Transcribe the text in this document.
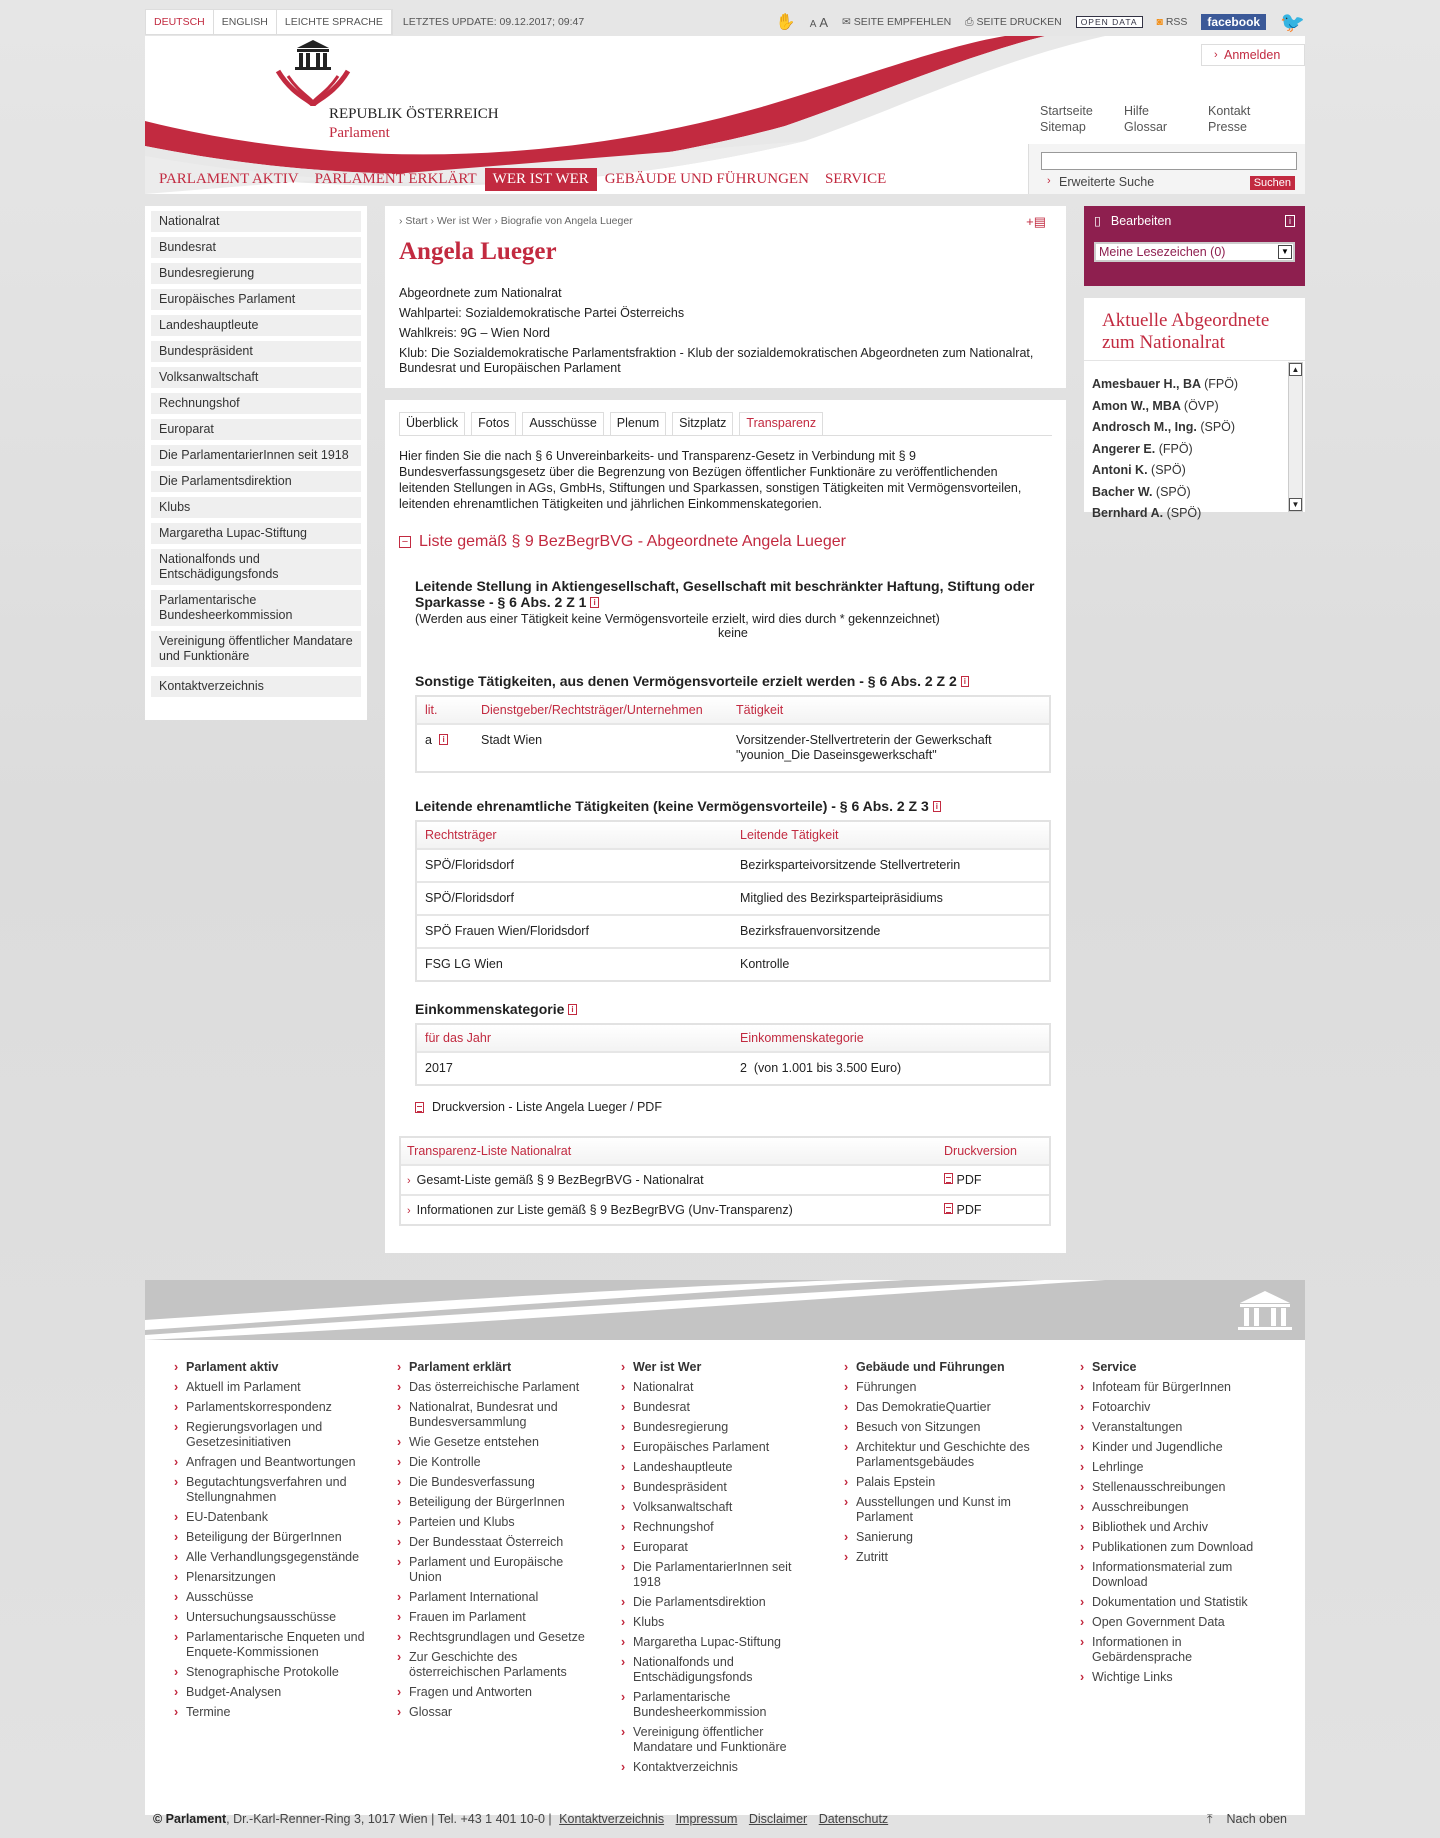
DEUTSCH	ENGLISH	LEICHTE SPRACHE	LETZTES UPDATE: 09.12.2017; 09:47	✋ A A ✉ SEITE EMPFEHLEN ⎙ SEITE DRUCKEN	OPEN DATA	◙ RSS	facebook	🐦
REPUBLIK ÖSTERREICH
Parlament
› Anmelden
Startseite	Hilfe	Kontakt
Sitemap	Glossar	Presse
› Erweiterte Suche	Suchen
PARLAMENT AKTIV	PARLAMENT ERKLÄRT	WER IST WER	GEBÄUDE UND FÜHRUNGEN	SERVICE
Nationalrat
Bundesrat
Bundesregierung
Europäisches Parlament
Landeshauptleute
Bundespräsident
Volksanwaltschaft
Rechnungshof
Europarat
Die ParlamentarierInnen seit 1918
Die Parlamentsdirektion
Klubs
Margaretha Lupac-Stiftung
Nationalfonds und Entschädigungsfonds
Parlamentarische Bundesheerkommission
Vereinigung öffentlicher Mandatare und Funktionäre
Kontaktverzeichnis
› Start › Wer ist Wer › Biografie von Angela Lueger	+▤
Angela Lueger

Abgeordnete zum Nationalrat

Wahlpartei: Sozialdemokratische Partei Österreichs

Wahlkreis: 9G – Wien Nord

Klub: Die Sozialdemokratische Parlamentsfraktion - Klub der sozialdemokratischen Abgeordneten zum Nationalrat, Bundesrat und Europäischen Parlament

Überblick	Fotos	Ausschüsse	Plenum	Sitzplatz	Transparenz

Hier finden Sie die nach § 6 Unvereinbarkeits- und Transparenz-Gesetz in Verbindung mit § 9 Bundesverfassungsgesetz über die Begrenzung von Bezügen öffentlicher Funktionäre zu veröffentlichenden leitenden Stellungen in AGs, GmbHs, Stiftungen und Sparkassen, sonstigen Tätigkeiten mit Vermögensvorteilen, leitenden ehrenamtlichen Tätigkeiten und jährlichen Einkommenskategorien.

− Liste gemäß § 9 BezBegrBVG - Abgeordnete Angela Lueger
Leitende Stellung in Aktiengesellschaft, Gesellschaft mit beschränkter Haftung, Stiftung oder Sparkasse - § 6 Abs. 2 Z 1 i
(Werden aus einer Tätigkeit keine Vermögensvorteile erzielt, wird dies durch * gekennzeichnet)
keine
Sonstige Tätigkeiten, aus denen Vermögensvorteile erzielt werden - § 6 Abs. 2 Z 2 i
lit.	Dienstgeber/Rechtsträger/Unternehmen	Tätigkeit
a i	Stadt Wien	Vorsitzender-Stellvertreterin der Gewerkschaft "younion_Die Daseinsgewerkschaft"
Leitende ehrenamtliche Tätigkeiten (keine Vermögensvorteile) - § 6 Abs. 2 Z 3 i
Rechtsträger	Leitende Tätigkeit
SPÖ/Floridsdorf	Bezirksparteivorsitzende Stellvertreterin
SPÖ/Floridsdorf	Mitglied des Bezirksparteipräsidiums
SPÖ Frauen Wien/Floridsdorf	Bezirksfrauenvorsitzende
FSG LG Wien	Kontrolle
Einkommenskategorie i
für das Jahr	Einkommenskategorie
2017	2  (von 1.001 bis 3.500 Euro)
Druckversion - Liste Angela Lueger / PDF
Transparenz-Liste Nationalrat	Druckversion
› Gesamt-Liste gemäß § 9 BezBegrBVG - Nationalrat	PDF
› Informationen zur Liste gemäß § 9 BezBegrBVG (Unv-Transparenz)	PDF
▯ Bearbeiten	i
Meine Lesezeichen (0)	▼
Aktuelle Abgeordnete zum Nationalrat
Amesbauer H., BA (FPÖ)
Amon W., MBA (ÖVP)
Androsch M., Ing. (SPÖ)
Angerer E. (FPÖ)
Antoni K. (SPÖ)
Bacher W. (SPÖ)
Bernhard A. (SPÖ)
▲
▼
› Parlament aktiv
› Aktuell im Parlament
› Parlamentskorrespondenz
› Regierungsvorlagen und Gesetzesinitiativen
› Anfragen und Beantwortungen
› Begutachtungsverfahren und Stellungnahmen
› EU-Datenbank
› Beteiligung der BürgerInnen
› Alle Verhandlungsgegenstände
› Plenarsitzungen
› Ausschüsse
› Untersuchungsausschüsse
› Parlamentarische Enqueten und Enquete-Kommissionen
› Stenographische Protokolle
› Budget-Analysen
› Termine
› Parlament erklärt
› Das österreichische Parlament
› Nationalrat, Bundesrat und Bundesversammlung
› Wie Gesetze entstehen
› Die Kontrolle
› Die Bundesverfassung
› Beteiligung der BürgerInnen
› Parteien und Klubs
› Der Bundesstaat Österreich
› Parlament und Europäische Union
› Parlament International
› Frauen im Parlament
› Rechtsgrundlagen und Gesetze
› Zur Geschichte des österreichischen Parlaments
› Fragen und Antworten
› Glossar
› Wer ist Wer
› Nationalrat
› Bundesrat
› Bundesregierung
› Europäisches Parlament
› Landeshauptleute
› Bundespräsident
› Volksanwaltschaft
› Rechnungshof
› Europarat
› Die ParlamentarierInnen seit 1918
› Die Parlamentsdirektion
› Klubs
› Margaretha Lupac-Stiftung
› Nationalfonds und Entschädigungsfonds
› Parlamentarische Bundesheerkommission
› Vereinigung öffentlicher Mandatare und Funktionäre
› Kontaktverzeichnis
› Gebäude und Führungen
› Führungen
› Das DemokratieQuartier
› Besuch von Sitzungen
› Architektur und Geschichte des Parlamentsgebäudes
› Palais Epstein
› Ausstellungen und Kunst im Parlament
› Sanierung
› Zutritt
› Service
› Infoteam für BürgerInnen
› Fotoarchiv
› Veranstaltungen
› Kinder und Jugendliche
› Lehrlinge
› Stellenausschreibungen
› Ausschreibungen
› Bibliothek und Archiv
› Publikationen zum Download
› Informationsmaterial zum Download
› Dokumentation und Statistik
› Open Government Data
› Informationen in Gebärdensprache
› Wichtige Links
© Parlament, Dr.-Karl-Renner-Ring 3, 1017 Wien | Tel. +43 1 401 10-0 | Kontaktverzeichnis Impressum Disclaimer Datenschutz	⤒ Nach oben
